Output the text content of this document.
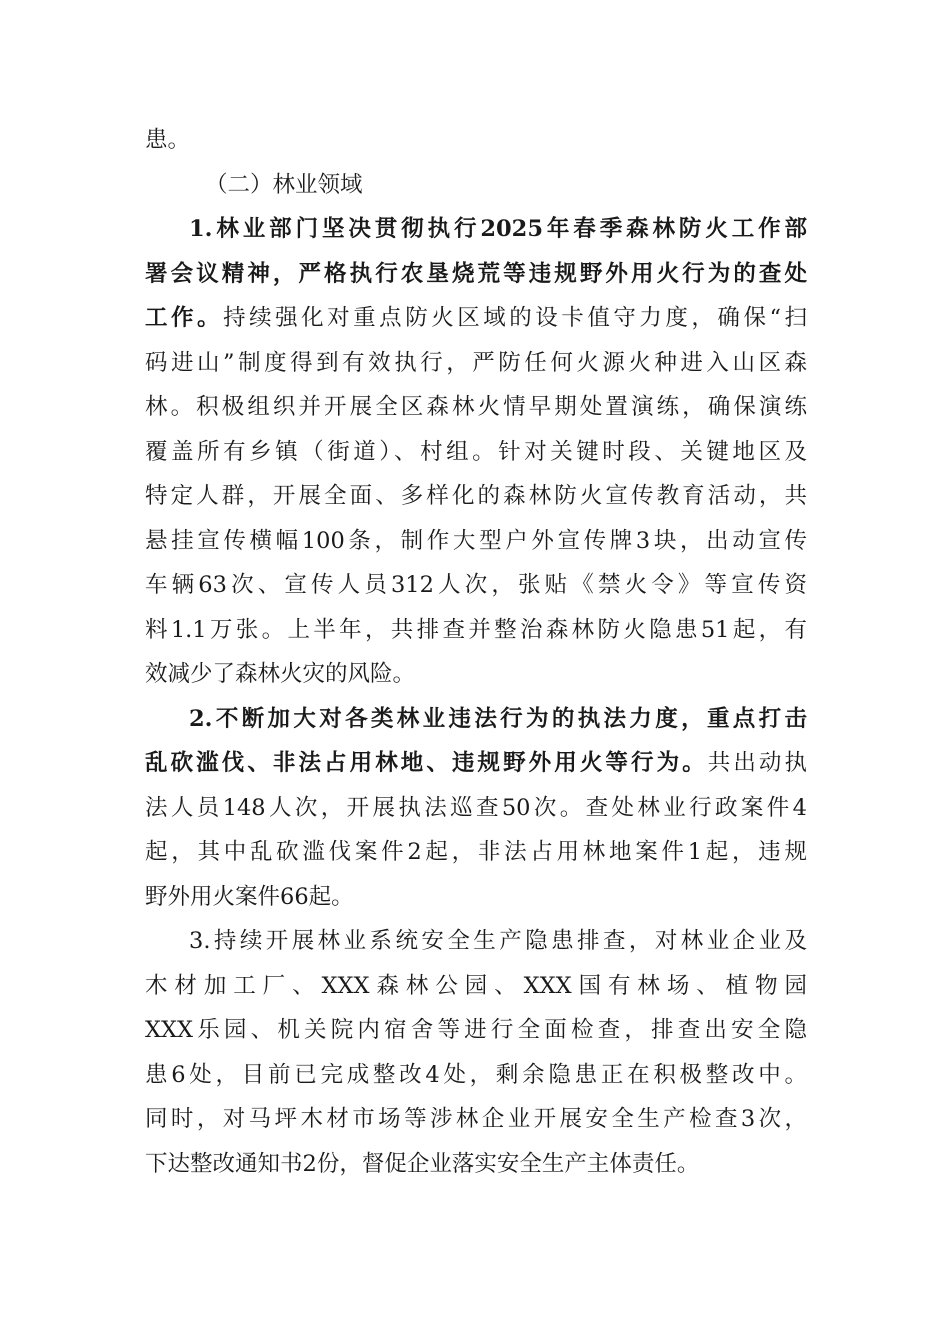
患。
（二）林业领域
1.林业部门坚决贯彻执行2025年春季森林防火工作部
署会议精神，严格执行农垦烧荒等违规野外用火行为的查处
工作。持续强化对重点防火区域的设卡值守力度，确保“扫
码进山”制度得到有效执行，严防任何火源火种进入山区森
林。积极组织并开展全区森林火情早期处置演练，确保演练
覆盖所有乡镇（街道）、村组。针对关键时段、关键地区及
特定人群，开展全面、多样化的森林防火宣传教育活动，共
悬挂宣传横幅100条，制作大型户外宣传牌3块，出动宣传
车辆63次、宣传人员312人次，张贴《禁火令》等宣传资
料1.1万张。上半年，共排查并整治森林防火隐患51起，有
效减少了森林火灾的风险。
2.不断加大对各类林业违法行为的执法力度，重点打击
乱砍滥伐、非法占用林地、违规野外用火等行为。共出动执
法人员148人次，开展执法巡查50次。查处林业行政案件4
起，其中乱砍滥伐案件2起，非法占用林地案件1起，违规
野外用火案件66起。
3.持续开展林业系统安全生产隐患排查，对林业企业及
木材加工厂、XXX森林公园、XXX国有林场、植物园
XXX乐园、机关院内宿舍等进行全面检查，排查出安全隐
患6处，目前已完成整改4处，剩余隐患正在积极整改中。
同时，对马坪木材市场等涉林企业开展安全生产检查3次，
下达整改通知书2份，督促企业落实安全生产主体责任。
